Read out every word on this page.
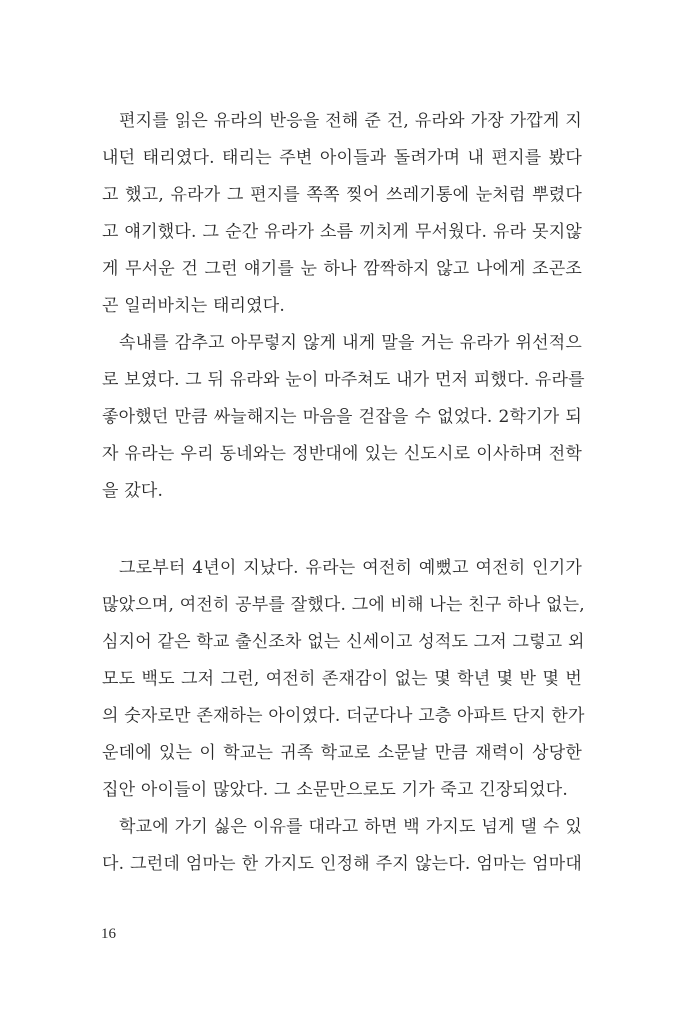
편지를 읽은 유라의 반응을 전해 준 건, 유라와 가장 가깝게 지
내던 태리였다. 태리는 주변 아이들과 돌려가며 내 편지를 봤다
고 했고, 유라가 그 편지를 쪽쪽 찢어 쓰레기통에 눈처럼 뿌렸다
고 얘기했다. 그 순간 유라가 소름 끼치게 무서웠다. 유라 못지않
게 무서운 건 그런 얘기를 눈 하나 깜짝하지 않고 나에게 조곤조
곤 일러바치는 태리였다.
속내를 감추고 아무렇지 않게 내게 말을 거는 유라가 위선적으
로 보였다. 그 뒤 유라와 눈이 마주쳐도 내가 먼저 피했다. 유라를
좋아했던 만큼 싸늘해지는 마음을 걷잡을 수 없었다. 2학기가 되
자 유라는 우리 동네와는 정반대에 있는 신도시로 이사하며 전학
을 갔다.
그로부터 4년이 지났다. 유라는 여전히 예뻤고 여전히 인기가
많았으며, 여전히 공부를 잘했다. 그에 비해 나는 친구 하나 없는,
심지어 같은 학교 출신조차 없는 신세이고 성적도 그저 그렇고 외
모도 백도 그저 그런, 여전히 존재감이 없는 몇 학년 몇 반 몇 번
의 숫자로만 존재하는 아이였다. 더군다나 고층 아파트 단지 한가
운데에 있는 이 학교는 귀족 학교로 소문날 만큼 재력이 상당한
집안 아이들이 많았다. 그 소문만으로도 기가 죽고 긴장되었다.
학교에 가기 싫은 이유를 대라고 하면 백 가지도 넘게 댈 수 있
다. 그런데 엄마는 한 가지도 인정해 주지 않는다. 엄마는 엄마대
16
